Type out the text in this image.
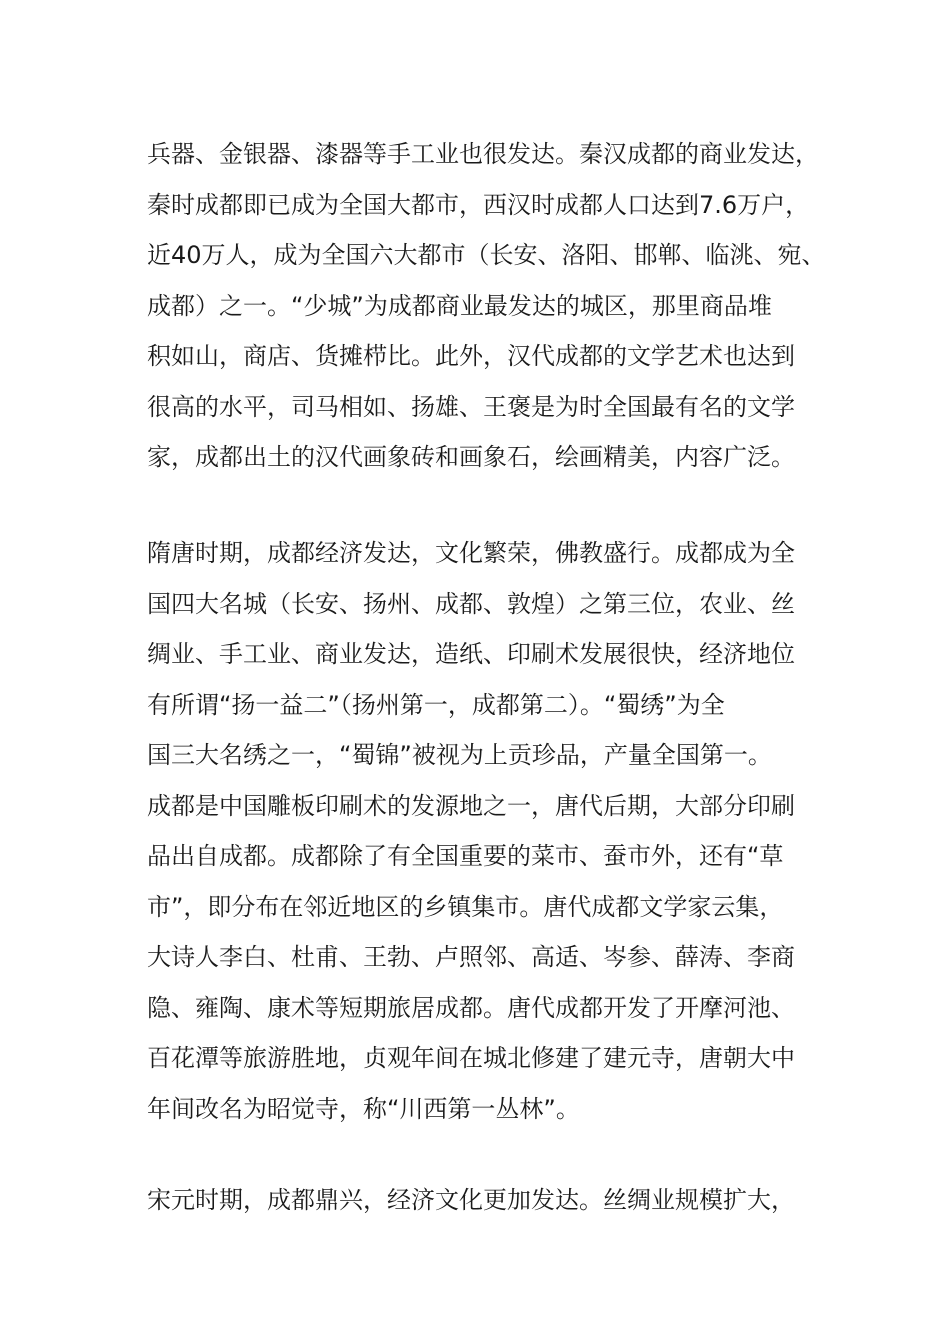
兵器、金银器、漆器等手工业也很发达。秦汉成都的商业发达，
秦时成都即已成为全国大都市，西汉时成都人口达到7.6万户，
近40万人，成为全国六大都市（长安、洛阳、邯郸、临洮、宛、
成都）之一。“少城”为成都商业最发达的城区，那里商品堆
积如山，商店、货摊栉比。此外，汉代成都的文学艺术也达到
很高的水平，司马相如、扬雄、王褒是为时全国最有名的文学
家，成都出土的汉代画象砖和画象石，绘画精美，内容广泛。
隋唐时期，成都经济发达，文化繁荣，佛教盛行。成都成为全
国四大名城（长安、扬州、成都、敦煌）之第三位，农业、丝
绸业、手工业、商业发达，造纸、印刷术发展很快，经济地位
有所谓“扬一益二”（扬州第一，成都第二）。“蜀绣”为全
国三大名绣之一，“蜀锦”被视为上贡珍品，产量全国第一。
成都是中国雕板印刷术的发源地之一，唐代后期，大部分印刷
品出自成都。成都除了有全国重要的菜市、蚕市外，还有“草
市”，即分布在邻近地区的乡镇集市。唐代成都文学家云集，
大诗人李白、杜甫、王勃、卢照邻、高适、岑参、薛涛、李商
隐、雍陶、康术等短期旅居成都。唐代成都开发了开摩河池、
百花潭等旅游胜地，贞观年间在城北修建了建元寺，唐朝大中
年间改名为昭觉寺，称“川西第一丛林”。
宋元时期，成都鼎兴，经济文化更加发达。丝绸业规模扩大，
